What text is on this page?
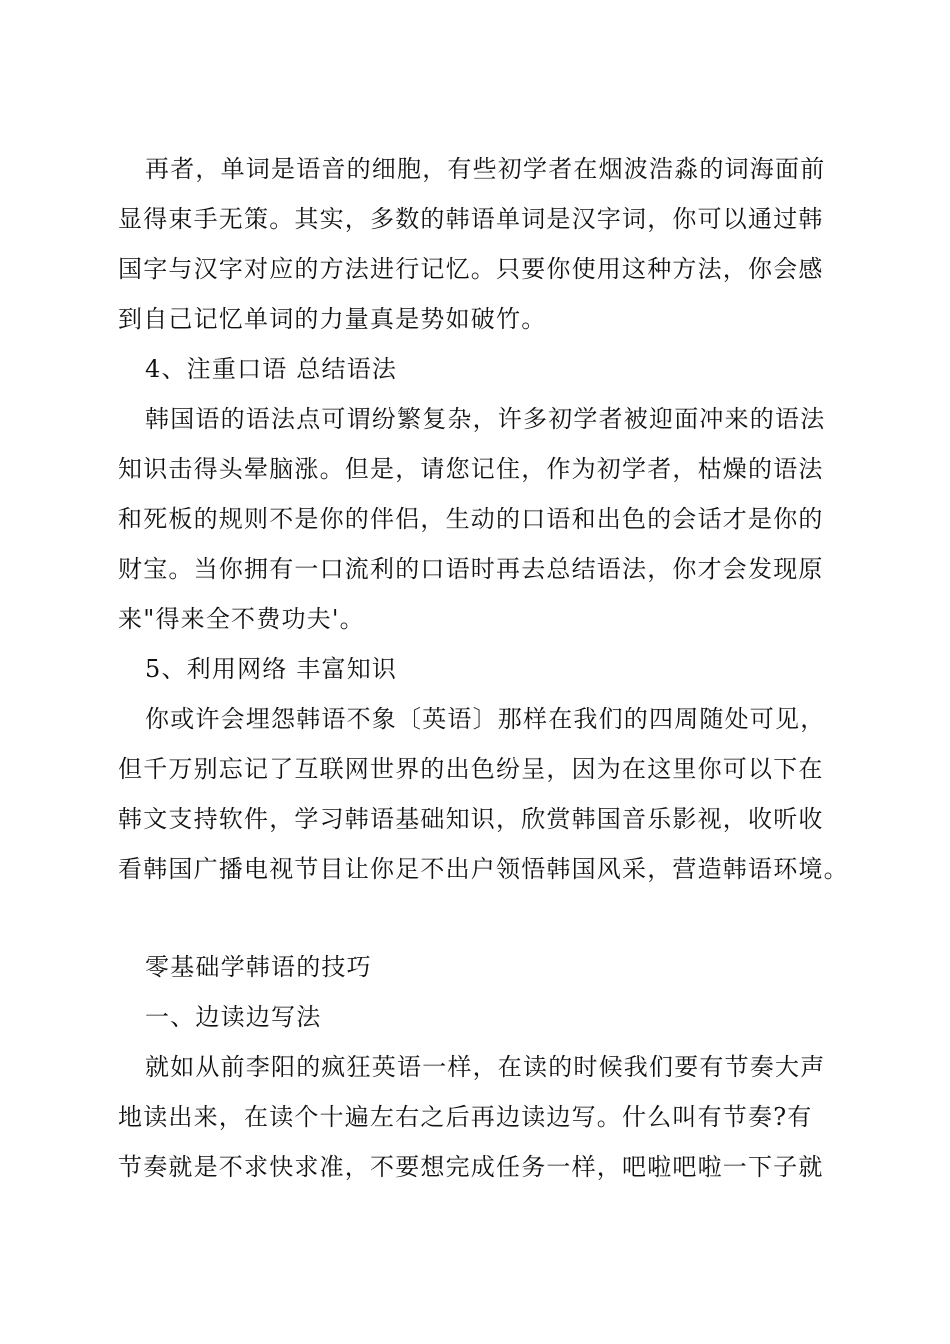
再者，单词是语音的细胞，有些初学者在烟波浩淼的词海面前
显得束手无策。其实，多数的韩语单词是汉字词，你可以通过韩
国字与汉字对应的方法进行记忆。只要你使用这种方法，你会感
到自己记忆单词的力量真是势如破竹。
4、注重口语 总结语法
韩国语的语法点可谓纷繁复杂，许多初学者被迎面冲来的语法
知识击得头晕脑涨。但是，请您记住，作为初学者，枯燥的语法
和死板的规则不是你的伴侣，生动的口语和出色的会话才是你的
财宝。当你拥有一口流利的口语时再去总结语法，你才会发现原
来"得来全不费功夫'。
5、利用网络 丰富知识
你或许会埋怨韩语不象〔英语〕那样在我们的四周随处可见，
但千万别忘记了互联网世界的出色纷呈，因为在这里你可以下在
韩文支持软件，学习韩语基础知识，欣赏韩国音乐影视，收听收
看韩国广播电视节目让你足不出户领悟韩国风采，营造韩语环境。
零基础学韩语的技巧
一、边读边写法
就如从前李阳的疯狂英语一样，在读的时候我们要有节奏大声
地读出来，在读个十遍左右之后再边读边写。什么叫有节奏?有
节奏就是不求快求准，不要想完成任务一样，吧啦吧啦一下子就
